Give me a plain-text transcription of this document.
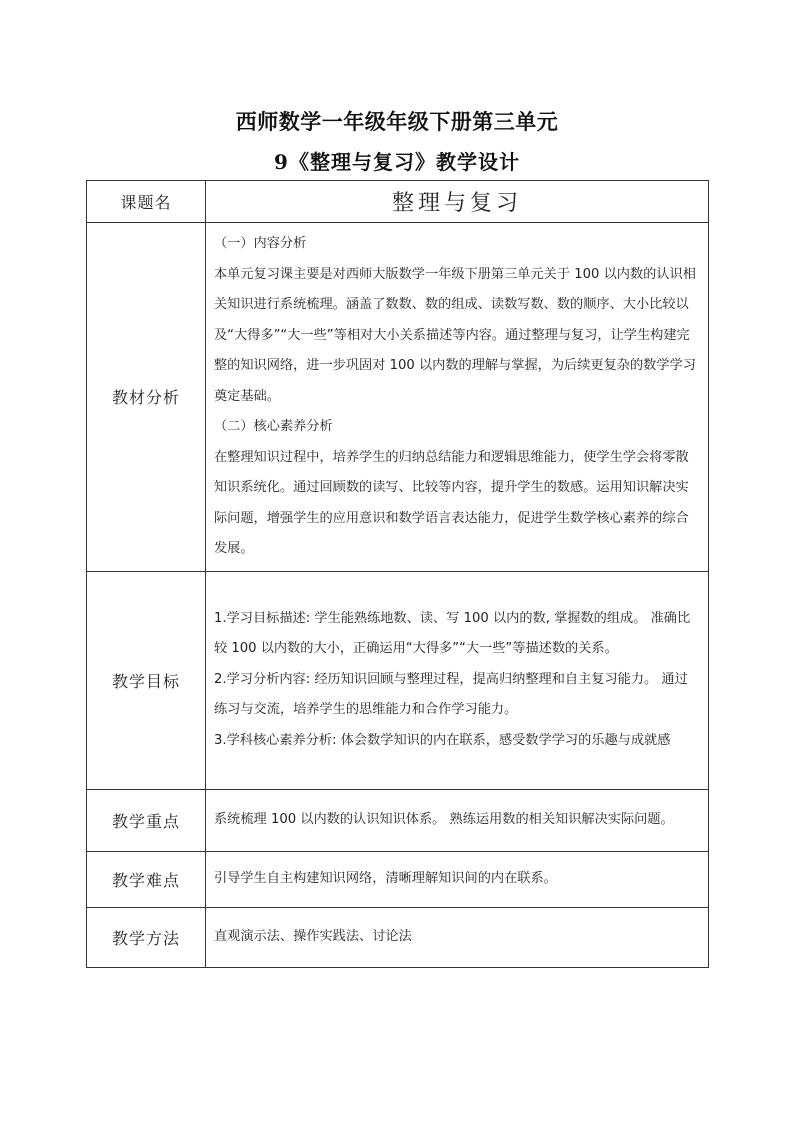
西师数学一年级年级下册第三单元
9《整理与复习》教学设计
课题名	整理与复习
教材分析	（一）内容分析

本单元复习课主要是对西师大版数学一年级下册第三单元关于 100 以内数的认识相关知识进行系统梳理。涵盖了数数、数的组成、读数写数、数的顺序、大小比较以及“大得多”“大一些”等相对大小关系描述等内容。通过整理与复习，让学生构建完整的知识网络，进一步巩固对 100 以内数的理解与掌握，为后续更复杂的数学学习奠定基础。

（二）核心素养分析

在整理知识过程中，培养学生的归纳总结能力和逻辑思维能力，使学生学会将零散知识系统化。通过回顾数的读写、比较等内容，提升学生的数感。运用知识解决实际问题，增强学生的应用意识和数学语言表达能力，促进学生数学核心素养的综合发展。

教学目标	1.学习目标描述: 学生能熟练地数、读、写 100 以内的数, 掌握数的组成。 准确比较 100 以内数的大小，正确运用“大得多”“大一些”等描述数的关系。

2.学习分析内容: 经历知识回顾与整理过程，提高归纳整理和自主复习能力。 通过练习与交流，培养学生的思维能力和合作学习能力。

3.学科核心素养分析: 体会数学知识的内在联系，感受数学学习的乐趣与成就感

教学重点	系统梳理 100 以内数的认识知识体系。 熟练运用数的相关知识解决实际问题。
教学难点	引导学生自主构建知识网络，清晰理解知识间的内在联系。
教学方法	直观演示法、操作实践法、讨论法
